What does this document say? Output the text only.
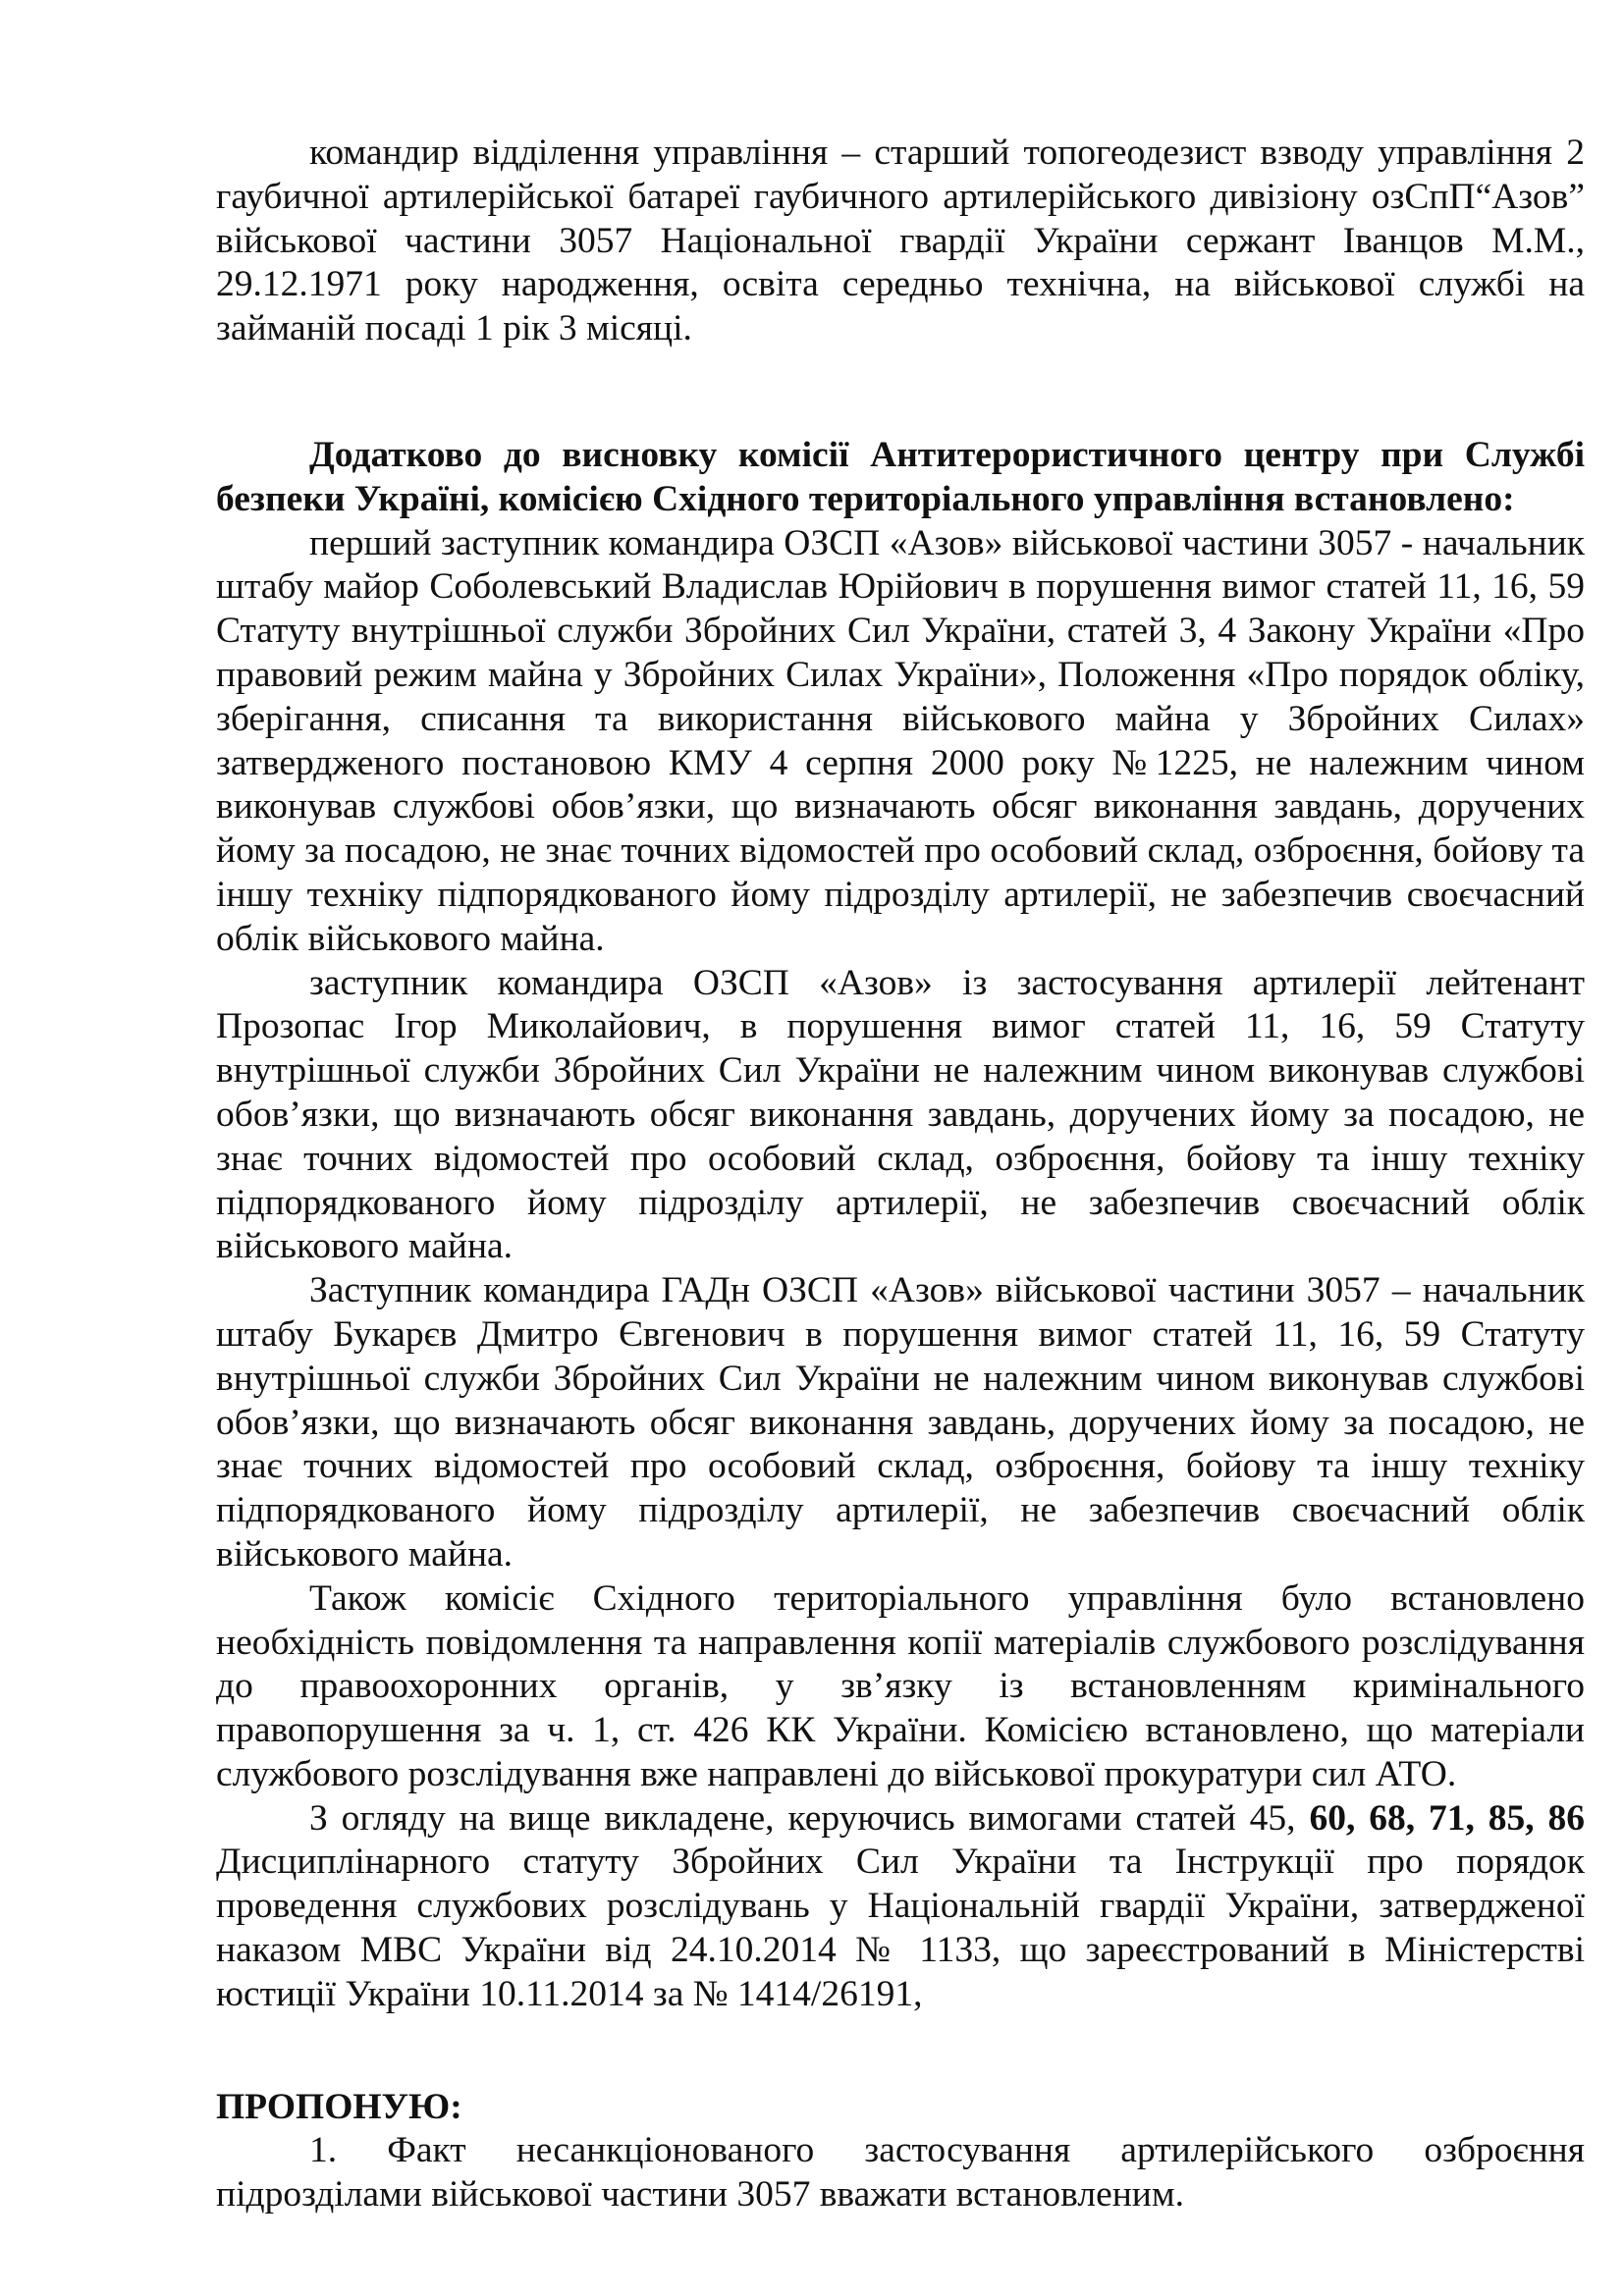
командир відділення управління – старший топогеодезист взводу управління 2 гаубичної артилерійської батареї гаубичного артилерійського дивізіону озСпП“Азов” військової частини 3057 Національної гвардії України сержант Іванцов М.М., 29.12.1971 року народження, освіта середньо технічна, на військової службі на займаній посаді 1 рік 3 місяці.

Додатково до висновку комісії Антитерористичного центру при Службі безпеки Україні, комісією Східного територіального управління встановлено:

перший заступник командира ОЗСП «Азов» військової частини 3057 - начальник штабу майор Соболевський Владислав Юрійович в порушення вимог статей 11, 16, 59 Статуту внутрішньої служби Збройних Сил України, статей 3, 4 Закону України «Про правовий режим майна у Збройних Силах України», Положення «Про порядок обліку, зберігання, списання та використання військового майна у Збройних Силах» затвердженого постановою КМУ 4 серпня 2000 року №1225, не належним чином виконував службові обов’язки, що визначають обсяг виконання завдань, доручених йому за посадою, не знає точних відомостей про особовий склад, озброєння, бойову та іншу техніку підпорядкованого йому підрозділу артилерії, не забезпечив своєчасний облік військового майна.

заступник командира ОЗСП «Азов» із застосування артилерії лейтенант Прозопас Ігор Миколайович, в порушення вимог статей 11, 16, 59 Статуту внутрішньої служби Збройних Сил України не належним чином виконував службові обов’язки, що визначають обсяг виконання завдань, доручених йому за посадою, не знає точних відомостей про особовий склад, озброєння, бойову та іншу техніку підпорядкованого йому підрозділу артилерії, не забезпечив своєчасний облік військового майна.

Заступник командира ГАДн ОЗСП «Азов» військової частини 3057 – начальник штабу Букарєв Дмитро Євгенович в порушення вимог статей 11, 16, 59 Статуту внутрішньої служби Збройних Сил України не належним чином виконував службові обов’язки, що визначають обсяг виконання завдань, доручених йому за посадою, не знає точних відомостей про особовий склад, озброєння, бойову та іншу техніку підпорядкованого йому підрозділу артилерії, не забезпечив своєчасний облік військового майна.

Також комісіє Східного територіального управління було встановлено необхідність повідомлення та направлення копії матеріалів службового розслідування до правоохоронних органів, у зв’язку із встановленням кримінального правопорушення за ч. 1, ст. 426 КК України. Комісією встановлено, що матеріали службового розслідування вже направлені до військової прокуратури сил АТО.

З огляду на вище викладене, керуючись вимогами статей 45, 60, 68, 71, 85, 86 Дисциплінарного статуту Збройних Сил України та Інструкції про порядок проведення службових розслідувань у Національній гвардії України, затвердженої наказом МВС України від 24.10.2014 № 1133, що зареєстрований в Міністерстві юстиції України 10.11.2014 за № 1414/26191,

ПРОПОНУЮ:

1. Факт несанкціонованого застосування артилерійського озброєння підрозділами військової частини 3057 вважати встановленим.
